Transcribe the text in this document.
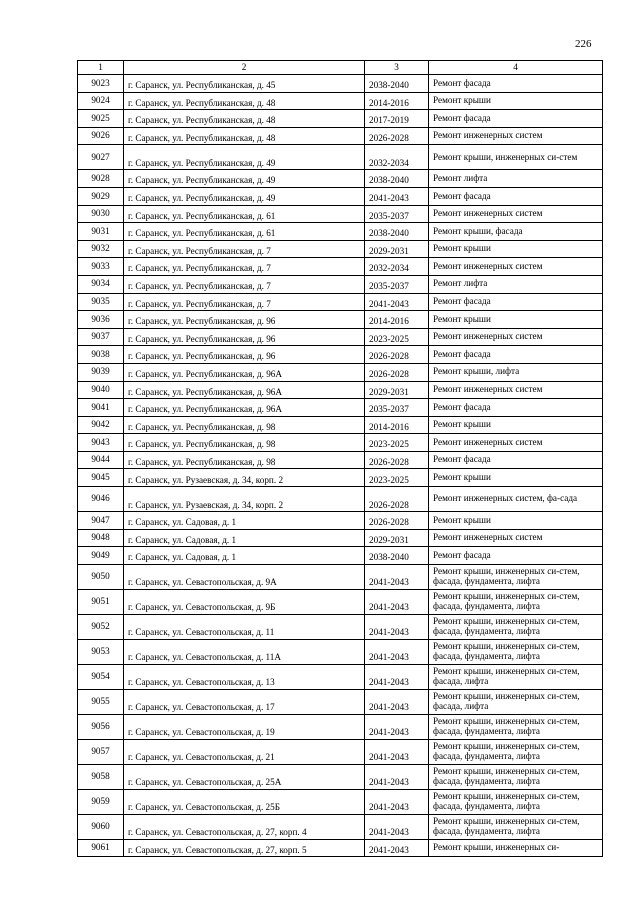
226
1	2	3	4
9023	г. Саранск, ул. Республиканская, д. 45	2038-2040	Ремонт фасада
9024	г. Саранск, ул. Республиканская, д. 48	2014-2016	Ремонт крыши
9025	г. Саранск, ул. Республиканская, д. 48	2017-2019	Ремонт фасада
9026	г. Саранск, ул. Республиканская, д. 48	2026-2028	Ремонт инженерных систем
9027	г. Саранск, ул. Республиканская, д. 49	2032-2034	Ремонт крыши, инженерных си-стем
9028	г. Саранск, ул. Республиканская, д. 49	2038-2040	Ремонт лифта
9029	г. Саранск, ул. Республиканская, д. 49	2041-2043	Ремонт фасада
9030	г. Саранск, ул. Республиканская, д. 61	2035-2037	Ремонт инженерных систем
9031	г. Саранск, ул. Республиканская, д. 61	2038-2040	Ремонт крыши, фасада
9032	г. Саранск, ул. Республиканская, д. 7	2029-2031	Ремонт крыши
9033	г. Саранск, ул. Республиканская, д. 7	2032-2034	Ремонт инженерных систем
9034	г. Саранск, ул. Республиканская, д. 7	2035-2037	Ремонт лифта
9035	г. Саранск, ул. Республиканская, д. 7	2041-2043	Ремонт фасада
9036	г. Саранск, ул. Республиканская, д. 96	2014-2016	Ремонт крыши
9037	г. Саранск, ул. Республиканская, д. 96	2023-2025	Ремонт инженерных систем
9038	г. Саранск, ул. Республиканская, д. 96	2026-2028	Ремонт фасада
9039	г. Саранск, ул. Республиканская, д. 96А	2026-2028	Ремонт крыши, лифта
9040	г. Саранск, ул. Республиканская, д. 96А	2029-2031	Ремонт инженерных систем
9041	г. Саранск, ул. Республиканская, д. 96А	2035-2037	Ремонт фасада
9042	г. Саранск, ул. Республиканская, д. 98	2014-2016	Ремонт крыши
9043	г. Саранск, ул. Республиканская, д. 98	2023-2025	Ремонт инженерных систем
9044	г. Саранск, ул. Республиканская, д. 98	2026-2028	Ремонт фасада
9045	г. Саранск, ул. Рузаевская, д. 34, корп. 2	2023-2025	Ремонт крыши
9046	г. Саранск, ул. Рузаевская, д. 34, корп. 2	2026-2028	Ремонт инженерных систем, фа-сада
9047	г. Саранск, ул. Садовая, д. 1	2026-2028	Ремонт крыши
9048	г. Саранск, ул. Садовая, д. 1	2029-2031	Ремонт инженерных систем
9049	г. Саранск, ул. Садовая, д. 1	2038-2040	Ремонт фасада
9050	г. Саранск, ул. Севастопольская, д. 9А	2041-2043	Ремонт крыши, инженерных си-стем, фасада, фундамента, лифта
9051	г. Саранск, ул. Севастопольская, д. 9Б	2041-2043	Ремонт крыши, инженерных си-стем, фасада, фундамента, лифта
9052	г. Саранск, ул. Севастопольская, д. 11	2041-2043	Ремонт крыши, инженерных си-стем, фасада, фундамента, лифта
9053	г. Саранск, ул. Севастопольская, д. 11А	2041-2043	Ремонт крыши, инженерных си-стем, фасада, фундамента, лифта
9054	г. Саранск, ул. Севастопольская, д. 13	2041-2043	Ремонт крыши, инженерных си-стем, фасада, лифта
9055	г. Саранск, ул. Севастопольская, д. 17	2041-2043	Ремонт крыши, инженерных си-стем, фасада, лифта
9056	г. Саранск, ул. Севастопольская, д. 19	2041-2043	Ремонт крыши, инженерных си-стем, фасада, фундамента, лифта
9057	г. Саранск, ул. Севастопольская, д. 21	2041-2043	Ремонт крыши, инженерных си-стем, фасада, фундамента, лифта
9058	г. Саранск, ул. Севастопольская, д. 25А	2041-2043	Ремонт крыши, инженерных си-стем, фасада, фундамента, лифта
9059	г. Саранск, ул. Севастопольская, д. 25Б	2041-2043	Ремонт крыши, инженерных си-стем, фасада, фундамента, лифта
9060	г. Саранск, ул. Севастопольская, д. 27, корп. 4	2041-2043	Ремонт крыши, инженерных си-стем, фасада, фундамента, лифта
9061	г. Саранск, ул. Севастопольская, д. 27, корп. 5	2041-2043	Ремонт крыши, инженерных си-
